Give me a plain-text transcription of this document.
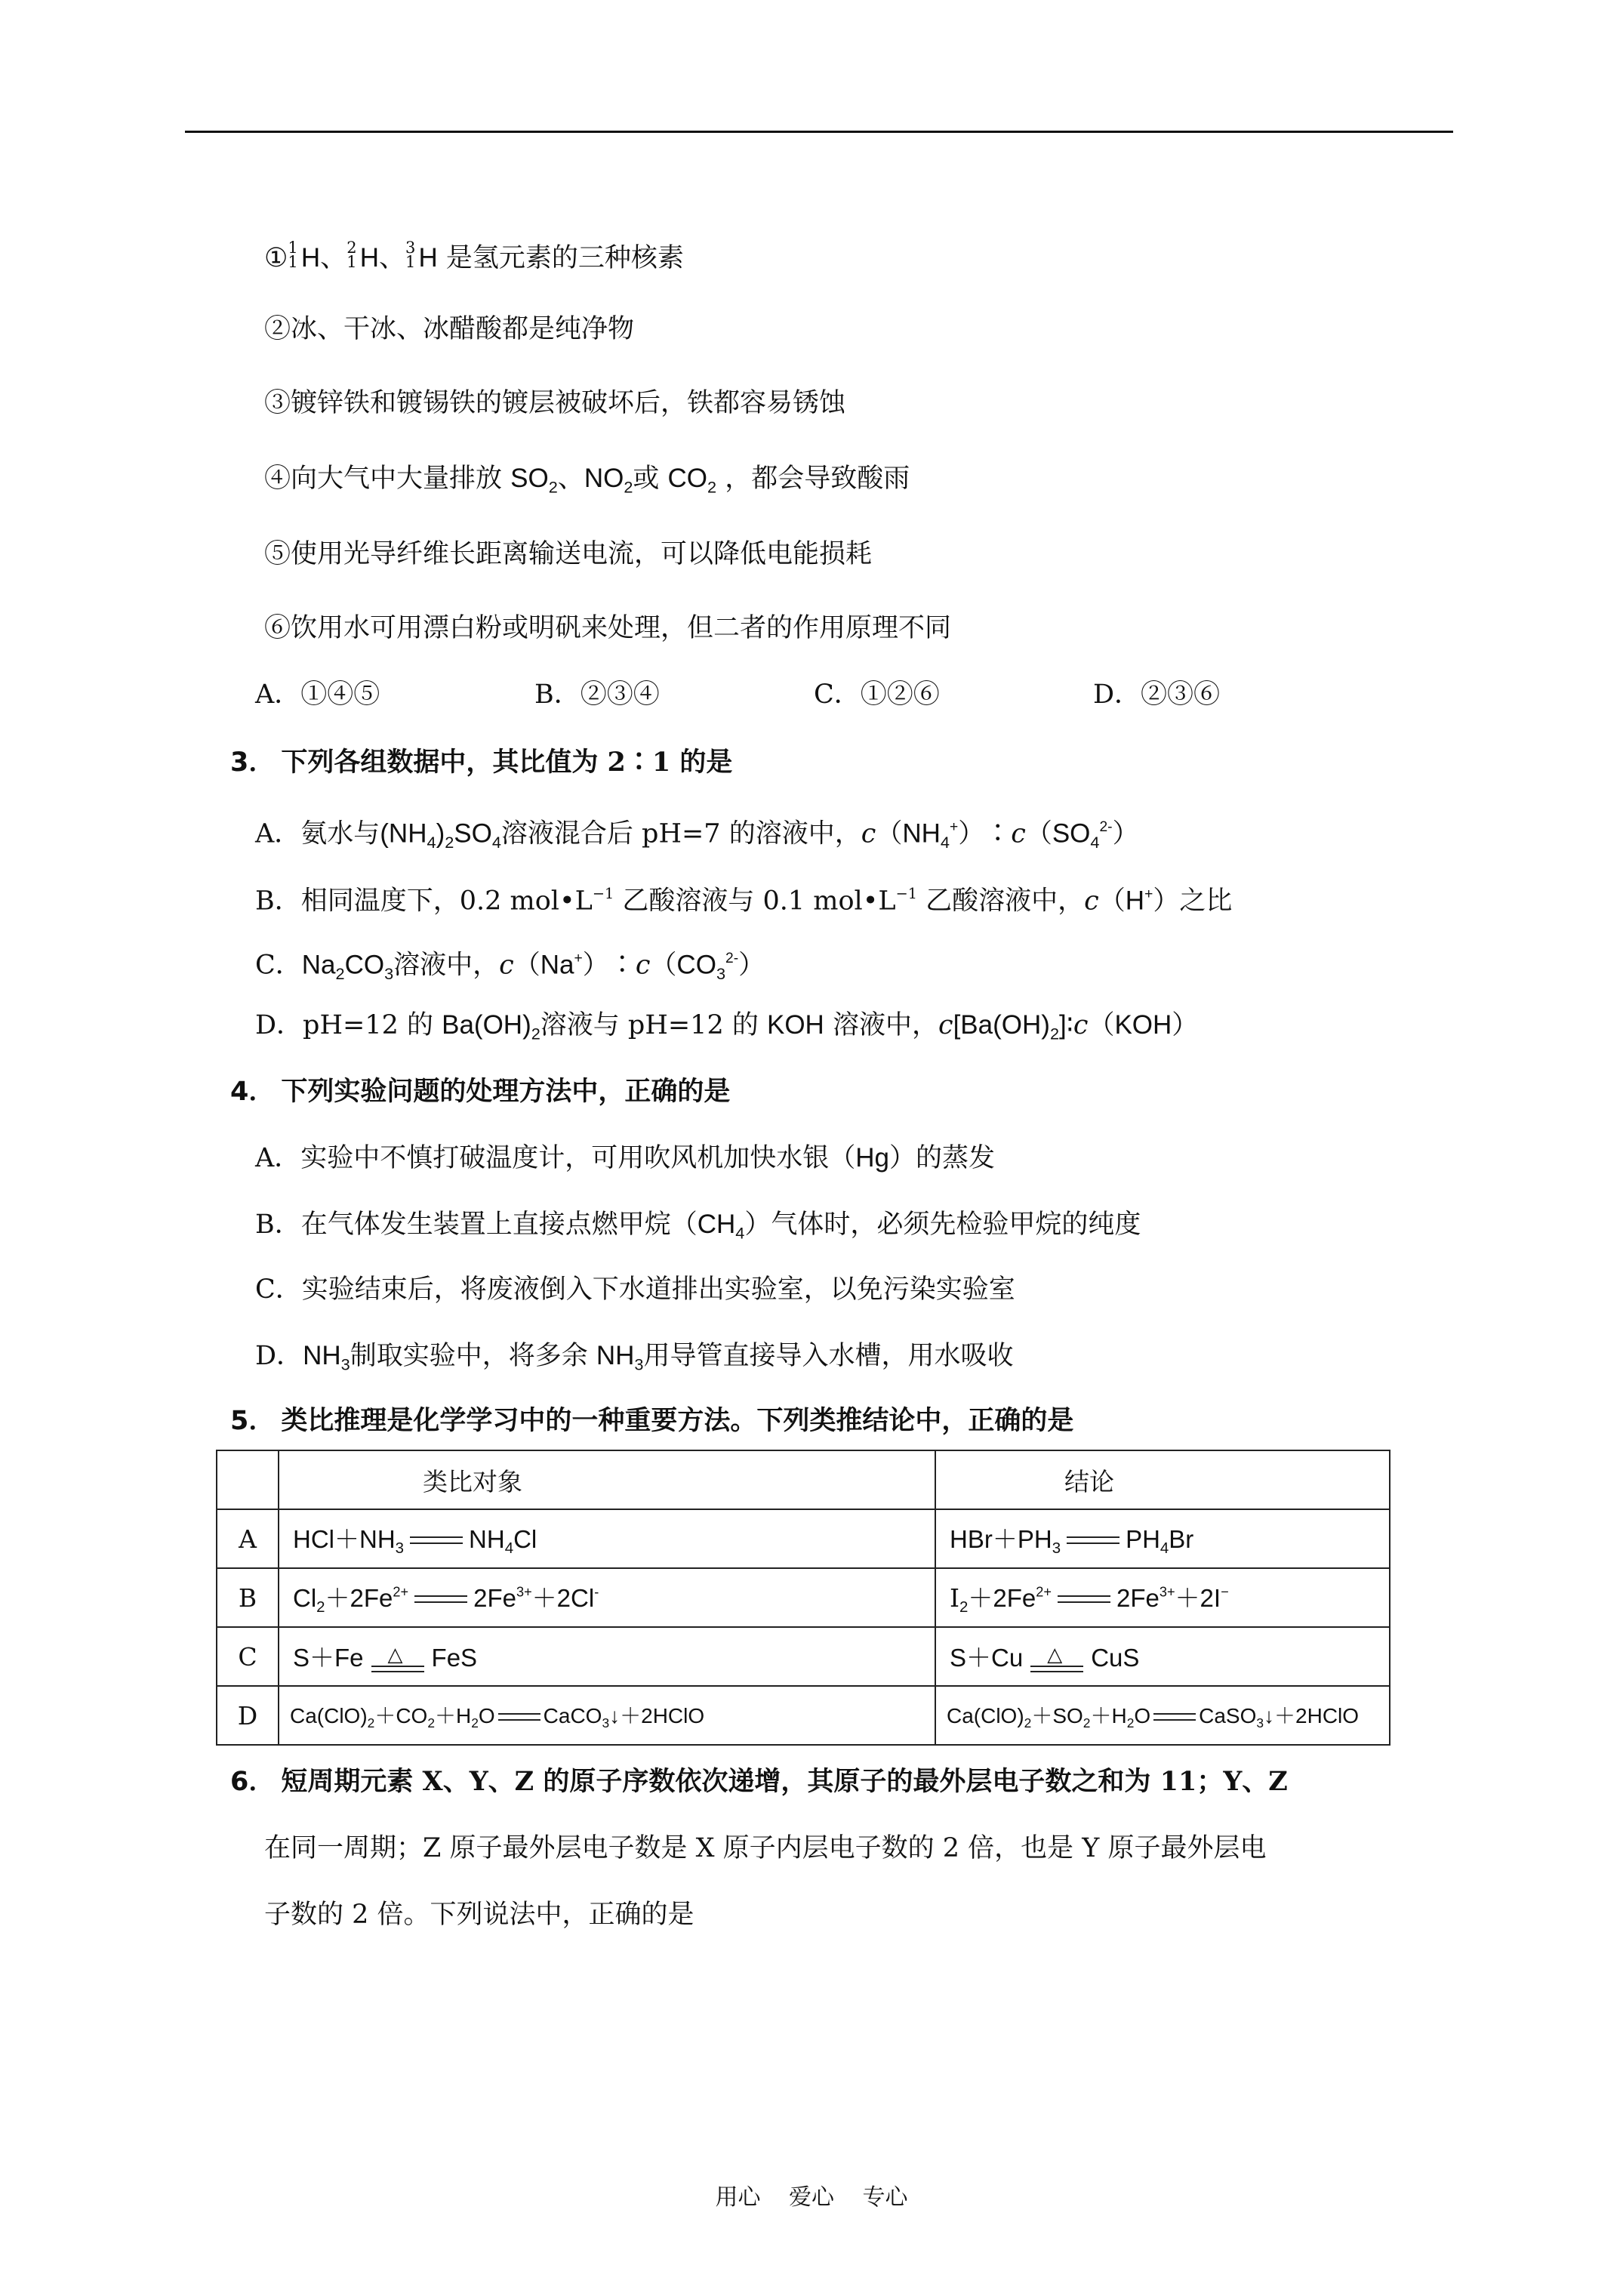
① 1
1 H、 2
1 H、 3
1 H 是氢元素的三种核素
②冰、干冰、冰醋酸都是纯净物
③镀锌铁和镀锡铁的镀层被破坏后，铁都容易锈蚀
④向大气中大量排放 $SO_2$、$NO_2$或 $CO_2$ ，都会导致酸雨
⑤使用光导纤维长距离输送电流，可以降低电能损耗
⑥饮用水可用漂白粉或明矾来处理，但二者的作用原理不同
A．①④⑤	B．②③④	C．①②⑥	D．②③⑥
3． 下列各组数据中，其比值为 2∶1 的是
A．氨水与$(NH_4)_2SO_4$溶液混合后 pH=7 的溶液中，$c(NH_4^+)∶c(SO_4^{2-})$
B．相同温度下，0.2 $mol•L^{-1}$ 乙酸溶液与 0.1 $mol•L^{-1}$ 乙酸溶液中，c（H+）之比
C．$Na_2CO_3$溶液中，$c(Na^+)∶c(CO_3^{2-})$
D．pH=12 的 $Ba(OH)_2$溶液与 pH=12 的 KOH 溶液中，$c[Ba(OH)_2]∶c(KOH)$
4． 下列实验问题的处理方法中，正确的是
A．实验中不慎打破温度计，可用吹风机加快水银（Hg）的蒸发
B．在气体发生装置上直接点燃甲烷$(CH_4)$气体时，必须先检验甲烷的纯度
C．实验结束后，将废液倒入下水道排出实验室，以免污染实验室
D．$NH_3$制取实验中，将多余 $NH_3$用导管直接导入水槽，用水吸收
5． 类比推理是化学学习中的一种重要方法。下列类推结论中，正确的是
	类比对象	结论
A	$HCl+NH_3$ $NH_4Cl$	$HBr+PH_3$ $PH_4Br$
B	$Cl_2+2Fe^{2+}$ $2Fe^{3+}+2Cl^-$	$I_2+2Fe^{2+}$ $2Fe^{3+}+2I^-$
C	S＋Fe △ FeS	S＋Cu △ CuS
D	$Ca(ClO)_2+CO_2+H_2O$ CaCO$_3$↓＋2HClO	$Ca(ClO)_2+SO_2+H_2O$ CaSO$_3$↓＋2HClO
6． 短周期元素 X、Y、Z 的原子序数依次递增，其原子的最外层电子数之和为 11；Y、Z
在同一周期；Z 原子最外层电子数是 X 原子内层电子数的 2 倍，也是 Y 原子最外层电
子数的 2 倍。下列说法中，正确的是
用心 爱心 专心
